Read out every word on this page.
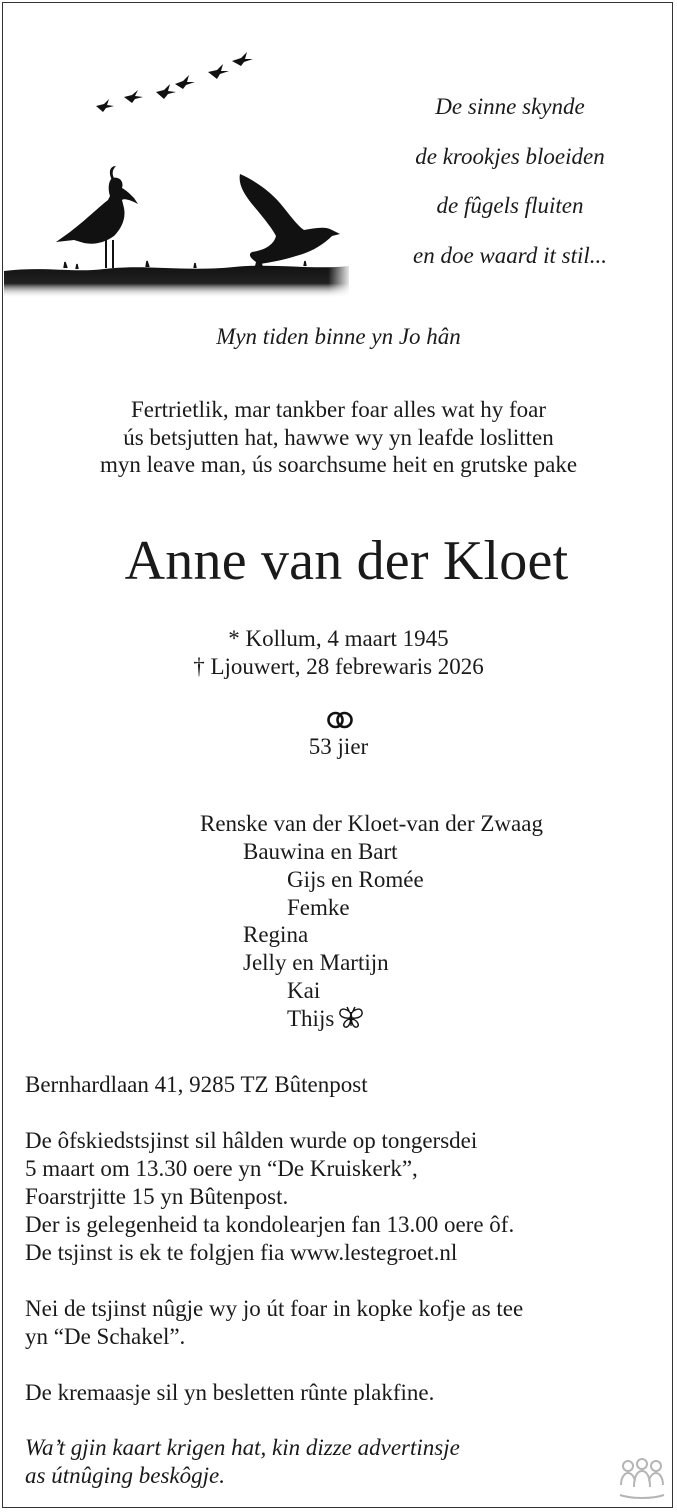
De sinne skynde
de krookjes bloeiden
de fûgels fluiten
en doe waard it stil...
Myn tiden binne yn Jo hân
Fertrietlik, mar tankber foar alles wat hy foar
ús betsjutten hat, hawwe wy yn leafde loslitten
myn leave man, ús soarchsume heit en grutske pake
Anne van der Kloet
* Kollum, 4 maart 1945
† Ljouwert, 28 febrewaris 2026
53 jier
Renske van der Kloet-van der Zwaag
Bauwina en Bart
Gijs en Romée
Femke
Regina
Jelly en Martijn
Kai
Thijs
Bernhardlaan 41, 9285 TZ Bûtenpost
De ôfskiedstsjinst sil hâlden wurde op tongersdei
5 maart om 13.30 oere yn “De Kruiskerk”,
Foarstrjitte 15 yn Bûtenpost.
Der is gelegenheid ta kondolearjen fan 13.00 oere ôf.
De tsjinst is ek te folgjen fia www.lestegroet.nl
Nei de tsjinst nûgje wy jo út foar in kopke kofje as tee
yn “De Schakel”.
De kremaasje sil yn besletten rûnte plakfine.
Wa’t gjin kaart krigen hat, kin dizze advertinsje
as útnûging beskôgje.
